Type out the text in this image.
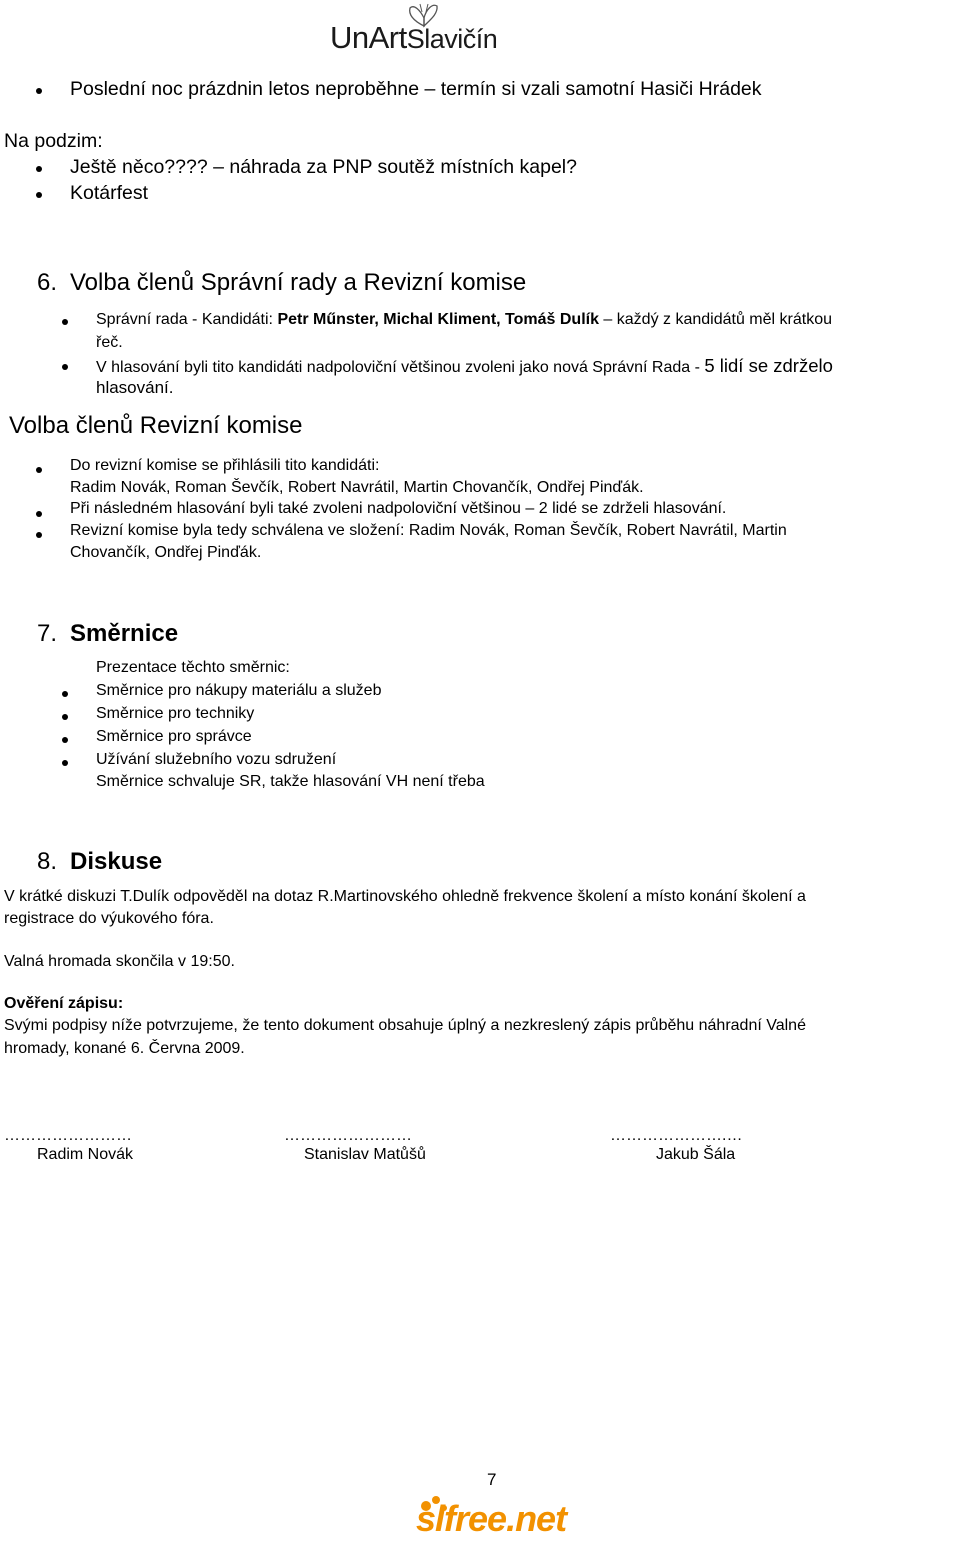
UnArtSlavičín
Poslední noc prázdnin letos neproběhne – termín si vzali samotní Hasiči Hrádek
Na podzim:
Ještě něco???? – náhrada za PNP soutěž místních kapel?
Kotárfest
6. Volba členů Správní rady a Revizní komise
Správní rada - Kandidáti: Petr Műnster, Michal Kliment, Tomáš Dulík – každý z kandidátů měl krátkou
řeč.
V hlasování byli tito kandidáti nadpoloviční většinou zvoleni jako nová Správní Rada - 5 lidí se zdrželo
hlasování.
Volba členů Revizní komise
Do revizní komise se přihlásili tito kandidáti:
Radim Novák, Roman Ševčík, Robert Navrátil, Martin Chovančík, Ondřej Pinďák.
Při následném hlasování byli také zvoleni nadpoloviční většinou – 2 lidé se zdrželi hlasování.
Revizní komise byla tedy schválena ve složení: Radim Novák, Roman Ševčík, Robert Navrátil, Martin
Chovančík, Ondřej Pinďák.
7. Směrnice
Prezentace těchto směrnic:
Směrnice pro nákupy materiálu a služeb
Směrnice pro techniky
Směrnice pro správce
Užívání služebního vozu sdružení
Směrnice schvaluje SR, takže hlasování VH není třeba
8. Diskuse
V krátké diskuzi T.Dulík odpověděl na dotaz R.Martinovského ohledně frekvence školení a místo konání školení a
registrace do výukového fóra.
Valná hromada skončila v 19:50.
Ověření zápisu:
Svými podpisy níže potvrzujeme, že tento dokument obsahuje úplný a nezkreslený zápis průběhu náhradní Valné
hromady, konané 6. Června 2009.
……………………
Radim Novák
……………………
Stanislav Matůšů
………………….…
Jakub Šála
7
slfree.net
